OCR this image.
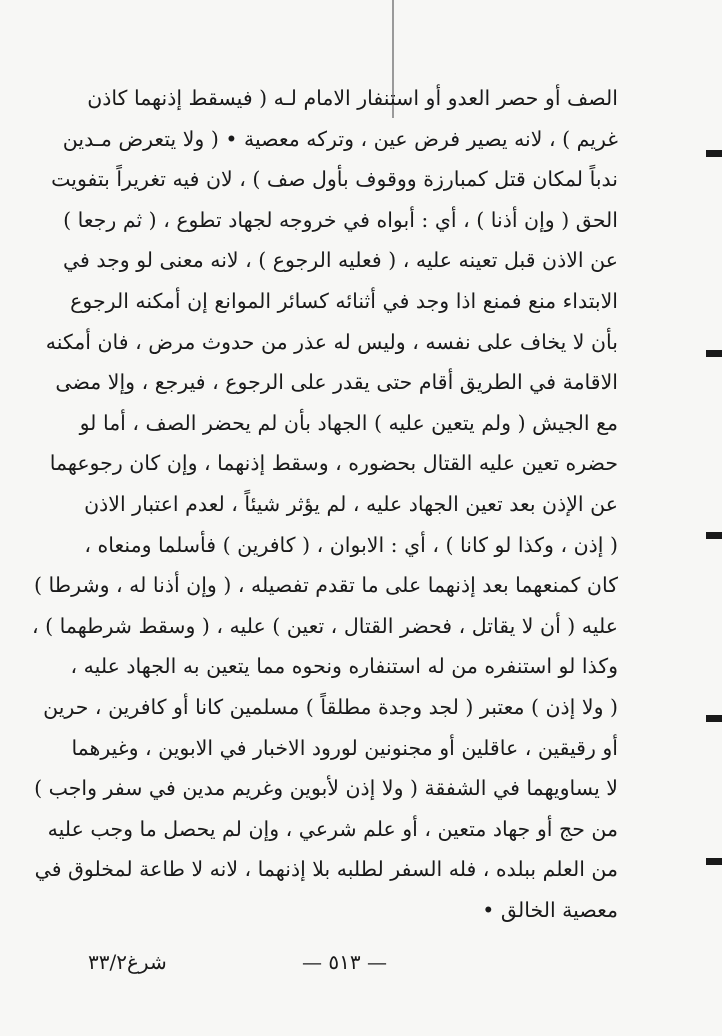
الصف أو حصر العدو أو استنفار الامام لـه ( فيسقط إذنهما كاذن
غريم ) ، لانه يصير فرض عين ، وتركه معصية • ( ولا يتعرض مـدين
ندباً لمكان قتل كمبارزة ووقوف بأول صف ) ، لان فيه تغريراً بتفويت
الحق ( وإن أذنا ) ، أي : أبواه في خروجه لجهاد تطوع ، ( ثم رجعا )
عن الاذن قبل تعينه عليه ، ( فعليه الرجوع ) ، لانه معنى لو وجد في
الابتداء منع فمنع اذا وجد في أثنائه كسائر الموانع إن أمكنه الرجوع
بأن لا يخاف على نفسه ، وليس له عذر من حدوث مرض ، فان أمكنه
الاقامة في الطريق أقام حتى يقدر على الرجوع ، فيرجع ، وإلا مضى
مع الجيش ( ولم يتعين عليه ) الجهاد بأن لم يحضر الصف ، أما لو
حضره تعين عليه القتال بحضوره ، وسقط إذنهما ، وإن كان رجوعهما
عن الإذن بعد تعين الجهاد عليه ، لم يؤثر شيئاً ، لعدم اعتبار الاذن
( إذن ، وكذا لو كانا ) ، أي : الابوان ، ( كافرين ) فأسلما ومنعاه ،
كان كمنعهما بعد إذنهما على ما تقدم تفصيله ، ( وإن أذنا له ، وشرطا )
عليه ( أن لا يقاتل ، فحضر القتال ، تعين ) عليه ، ( وسقط شرطهما ) ،
وكذا لو استنفره من له استنفاره ونحوه مما يتعين به الجهاد عليه ،
( ولا إذن ) معتبر ( لجد وجدة مطلقاً ) مسلمين كانا أو كافرين ، حرين
أو رقيقين ، عاقلين أو مجنونين لورود الاخبار في الابوين ، وغيرهما
لا يساويهما في الشفقة ( ولا إذن لأبوين وغريم مدين في سفر واجب )
من حج أو جهاد متعين ، أو علم شرعي ، وإن لم يحصل ما وجب عليه
من العلم ببلده ، فله السفر لطلبه بلا إذنهما ، لانه لا طاعة لمخلوق في
معصية الخالق •
— ٥١٣ —
شرغ٣٣/٢
